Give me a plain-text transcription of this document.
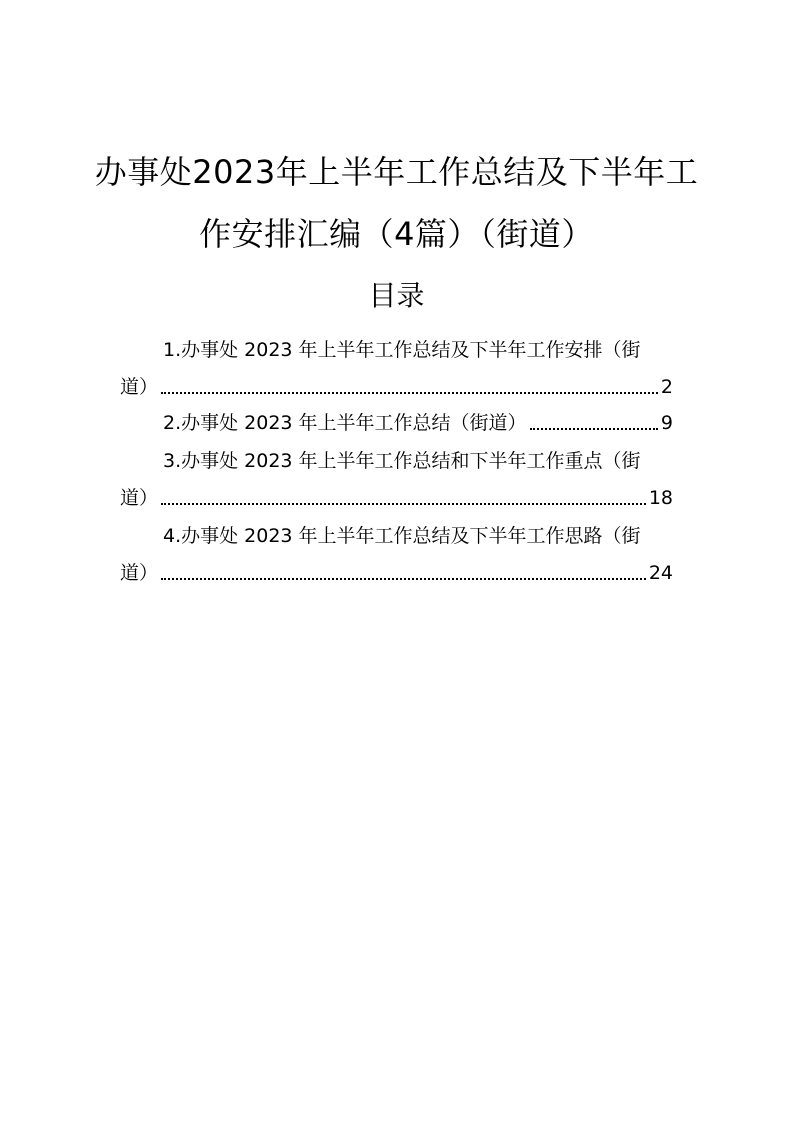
办事处2023年上半年工作总结及下半年工
作安排汇编（4篇）（街道）
目录
1.办事处 2023 年上半年工作总结及下半年工作安排（街
道）	2
2.办事处 2023 年上半年工作总结（街道）	9
3.办事处 2023 年上半年工作总结和下半年工作重点（街
道）	18
4.办事处 2023 年上半年工作总结及下半年工作思路（街
道）	24
